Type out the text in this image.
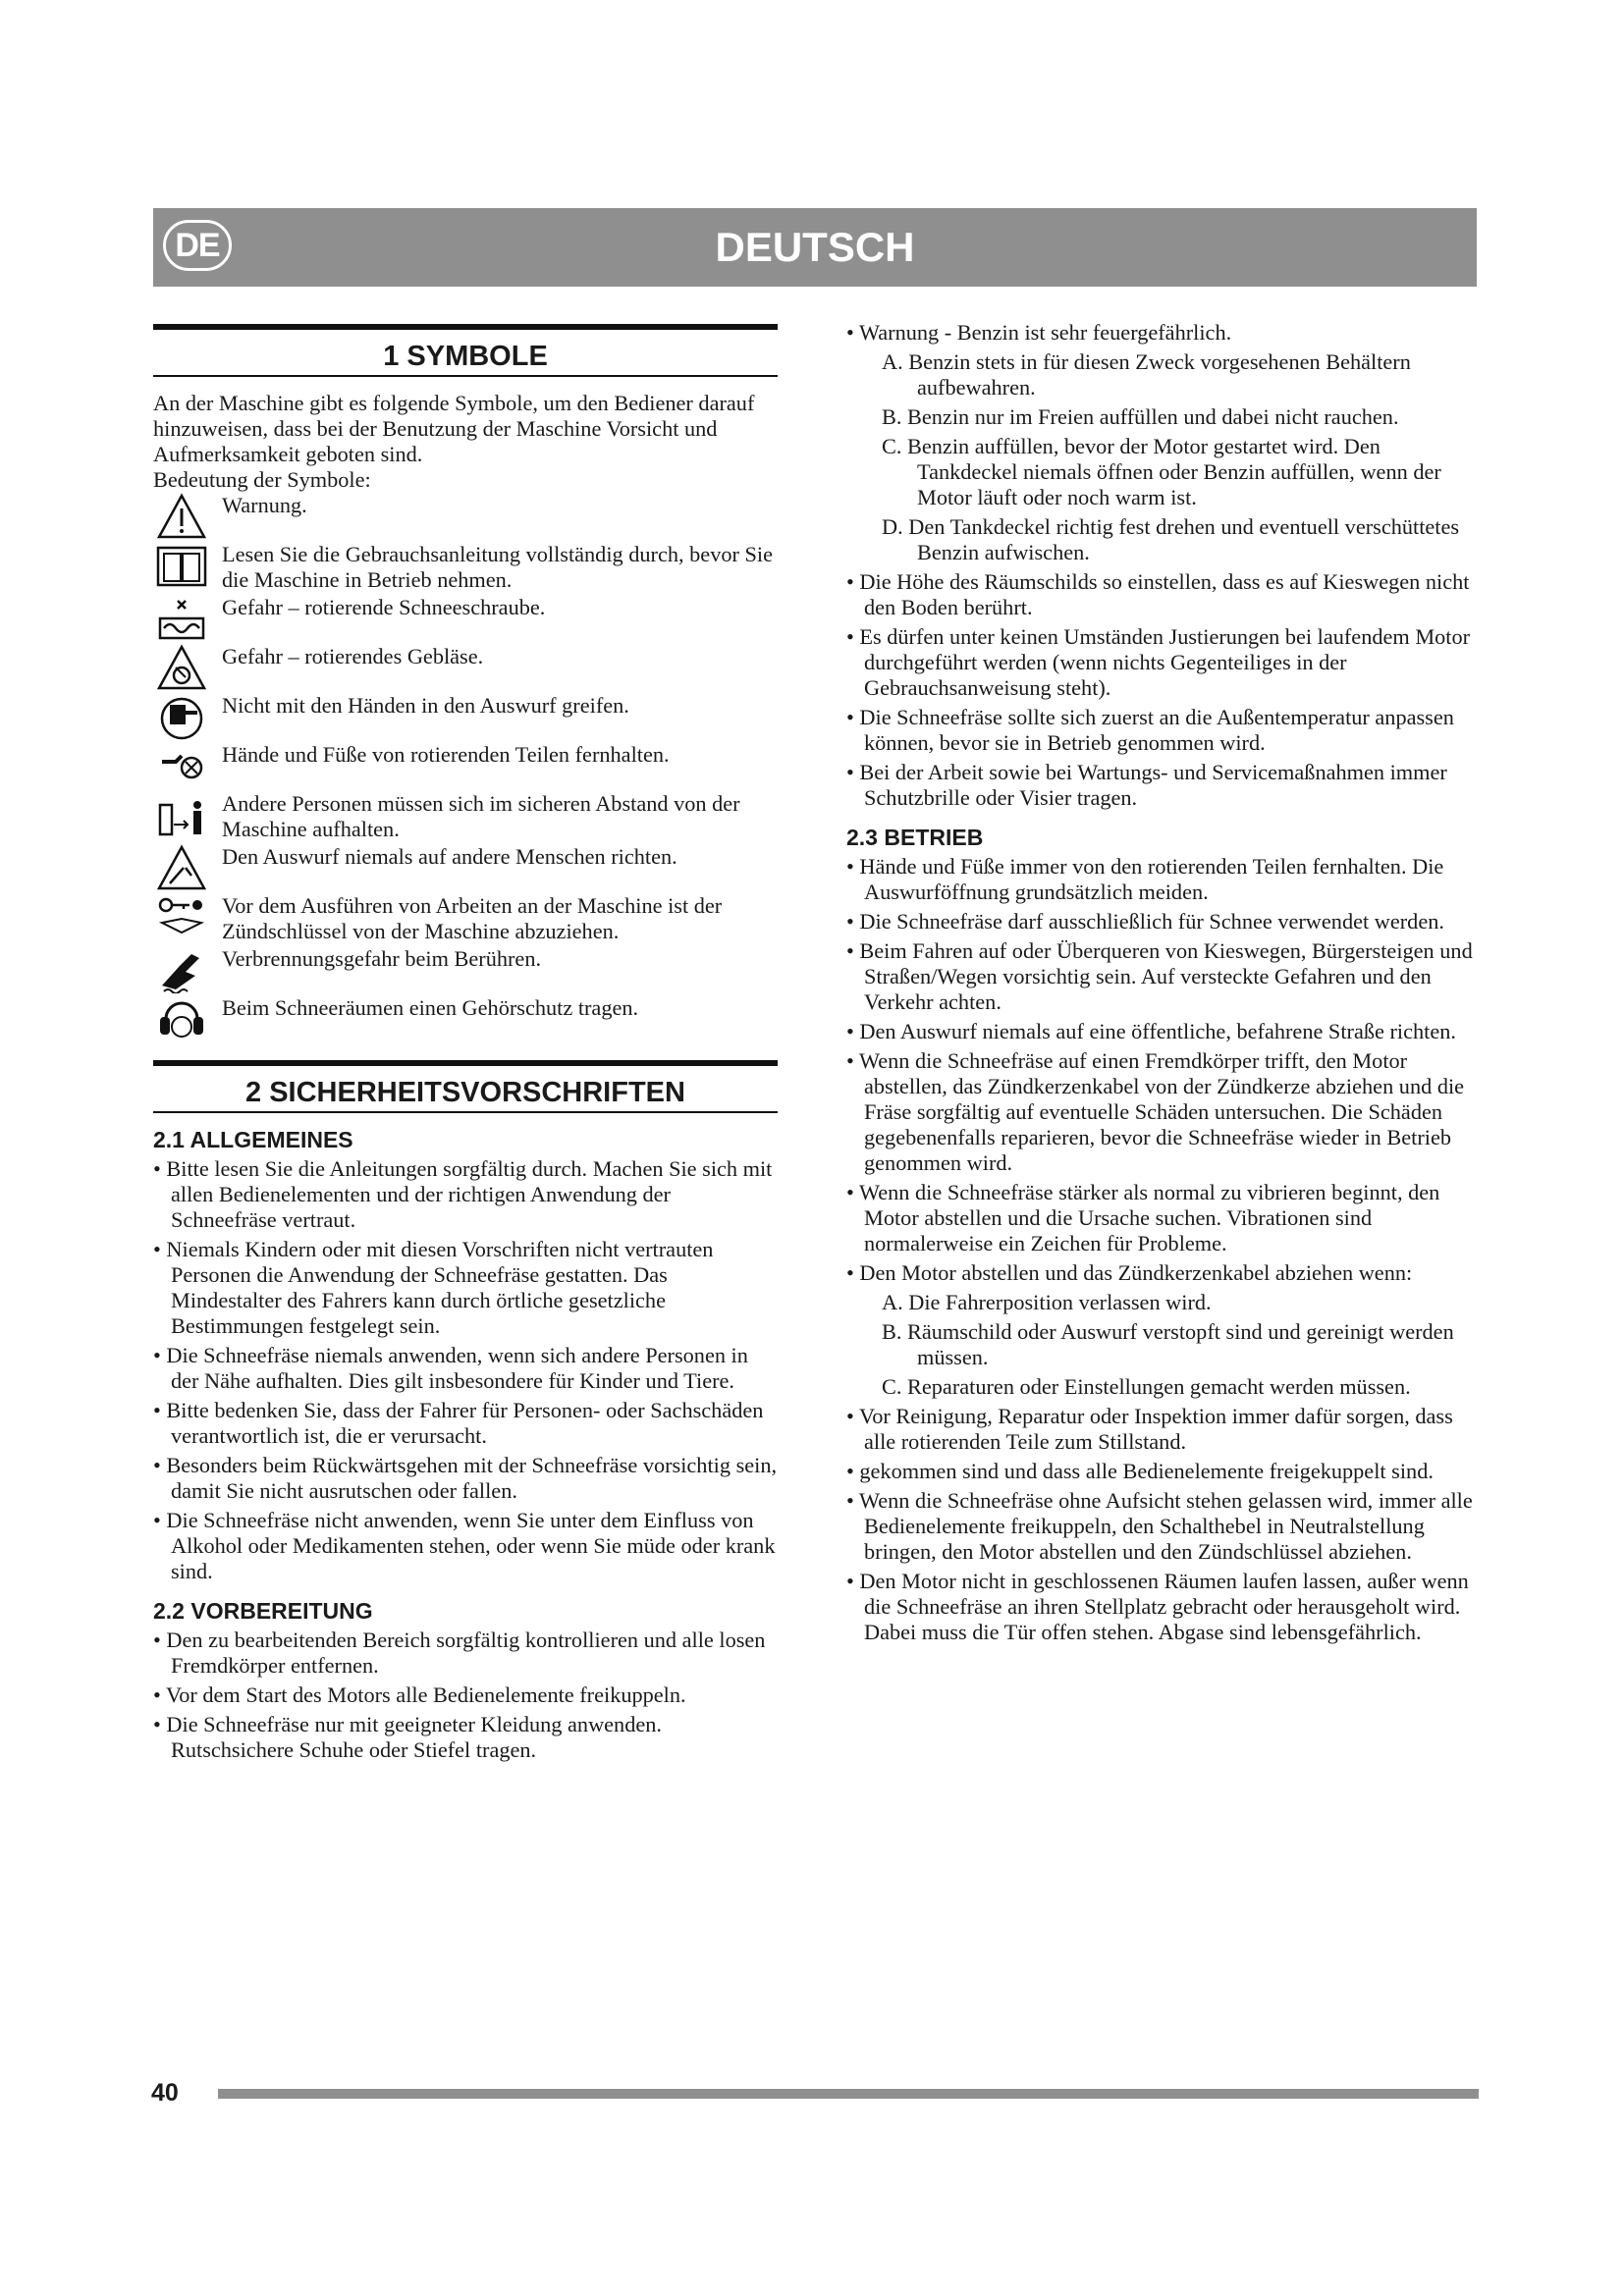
DE	DEUTSCH
1 SYMBOLE

An der Maschine gibt es folgende Symbole, um den Bediener darauf hinzuweisen, dass bei der Benutzung der Maschine Vorsicht und Aufmerksamkeit geboten sind.

Bedeutung der Symbole:

Warnung.
Lesen Sie die Gebrauchsanleitung vollständig durch, bevor Sie die Maschine in Betrieb nehmen.
Gefahr – rotierende Schneeschraube.
Gefahr – rotierendes Gebläse.
Nicht mit den Händen in den Auswurf greifen.
Hände und Füße von rotierenden Teilen fernhalten.
Andere Personen müssen sich im sicheren Abstand von der Maschine aufhalten.
Den Auswurf niemals auf andere Menschen richten.
Vor dem Ausführen von Arbeiten an der Maschine ist der Zündschlüssel von der Maschine abzuziehen.
Verbrennungsgefahr beim Berühren.
Beim Schneeräumen einen Gehörschutz tragen.
2 SICHERHEITSVORSCHRIFTEN
2.1 ALLGEMEINES
• Bitte lesen Sie die Anleitungen sorgfältig durch. Machen Sie sich mit allen Bedienelementen und der richtigen Anwendung der Schneefräse vertraut.
• Niemals Kindern oder mit diesen Vorschriften nicht vertrauten Personen die Anwendung der Schneefräse gestatten. Das Mindestalter des Fahrers kann durch örtliche gesetzliche Bestimmungen festgelegt sein.
• Die Schneefräse niemals anwenden, wenn sich andere Personen in der Nähe aufhalten. Dies gilt insbesondere für Kinder und Tiere.
• Bitte bedenken Sie, dass der Fahrer für Personen- oder Sachschäden verantwortlich ist, die er verursacht.
• Besonders beim Rückwärtsgehen mit der Schneefräse vorsichtig sein, damit Sie nicht ausrutschen oder fallen.
• Die Schneefräse nicht anwenden, wenn Sie unter dem Einfluss von Alkohol oder Medikamenten stehen, oder wenn Sie müde oder krank sind.
2.2 VORBEREITUNG
• Den zu bearbeitenden Bereich sorgfältig kontrollieren und alle losen Fremdkörper entfernen.
• Vor dem Start des Motors alle Bedienelemente freikuppeln.
• Die Schneefräse nur mit geeigneter Kleidung anwenden. Rutschsichere Schuhe oder Stiefel tragen.
• Warnung - Benzin ist sehr feuergefährlich.
A. Benzin stets in für diesen Zweck vorgesehenen Behältern aufbewahren.
B. Benzin nur im Freien auffüllen und dabei nicht rauchen.
C. Benzin auffüllen, bevor der Motor gestartet wird. Den Tankdeckel niemals öffnen oder Benzin auffüllen, wenn der Motor läuft oder noch warm ist.
D. Den Tankdeckel richtig fest drehen und eventuell verschüttetes Benzin aufwischen.
• Die Höhe des Räumschilds so einstellen, dass es auf Kieswegen nicht den Boden berührt.
• Es dürfen unter keinen Umständen Justierungen bei laufendem Motor durchgeführt werden (wenn nichts Gegenteiliges in der Gebrauchsanweisung steht).
• Die Schneefräse sollte sich zuerst an die Außentemperatur anpassen können, bevor sie in Betrieb genommen wird.
• Bei der Arbeit sowie bei Wartungs- und Servicemaßnahmen immer Schutzbrille oder Visier tragen.
2.3 BETRIEB
• Hände und Füße immer von den rotierenden Teilen fernhalten. Die Auswurföffnung grundsätzlich meiden.
• Die Schneefräse darf ausschließlich für Schnee verwendet werden.
• Beim Fahren auf oder Überqueren von Kieswegen, Bürgersteigen und Straßen/Wegen vorsichtig sein. Auf versteckte Gefahren und den Verkehr achten.
• Den Auswurf niemals auf eine öffentliche, befahrene Straße richten.
• Wenn die Schneefräse auf einen Fremdkörper trifft, den Motor abstellen, das Zündkerzenkabel von der Zündkerze abziehen und die Fräse sorgfältig auf eventuelle Schäden untersuchen. Die Schäden gegebenenfalls reparieren, bevor die Schneefräse wieder in Betrieb genommen wird.
• Wenn die Schneefräse stärker als normal zu vibrieren beginnt, den Motor abstellen und die Ursache suchen. Vibrationen sind normalerweise ein Zeichen für Probleme.
• Den Motor abstellen und das Zündkerzenkabel abziehen wenn:
A. Die Fahrerposition verlassen wird.
B. Räumschild oder Auswurf verstopft sind und gereinigt werden müssen.
C. Reparaturen oder Einstellungen gemacht werden müssen.
• Vor Reinigung, Reparatur oder Inspektion immer dafür sorgen, dass alle rotierenden Teile zum Stillstand.
• gekommen sind und dass alle Bedienelemente freigekuppelt sind.
• Wenn die Schneefräse ohne Aufsicht stehen gelassen wird, immer alle Bedienelemente freikuppeln, den Schalthebel in Neutralstellung bringen, den Motor abstellen und den Zündschlüssel abziehen.
• Den Motor nicht in geschlossenen Räumen laufen lassen, außer wenn die Schneefräse an ihren Stellplatz gebracht oder herausgeholt wird. Dabei muss die Tür offen stehen. Abgase sind lebensgefährlich.
40
